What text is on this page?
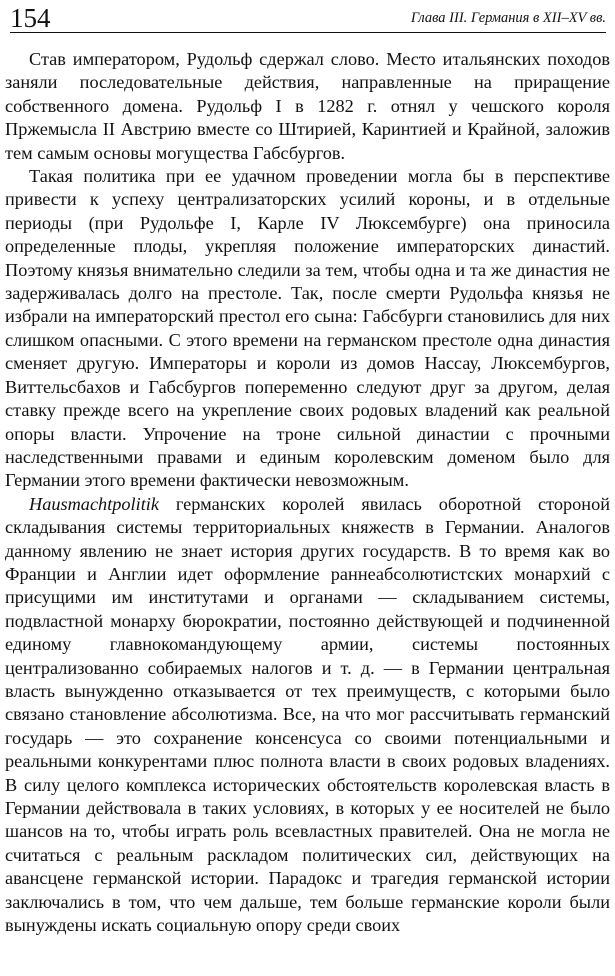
154	Глава III. Германия в XII–XV вв.

Став императором, Рудольф сдержал слово. Место итальянских походов заняли последовательные действия, направленные на приращение собственного домена. Рудольф I в 1282 г. отнял у чешского короля Пржемысла II Австрию вместе со Штирией, Каринтией и Крайной, заложив тем самым основы могущества Габсбургов.

Такая политика при ее удачном проведении могла бы в перспективе привести к успеху централизаторских усилий короны, и в отдельные периоды (при Рудольфе I, Карле IV Люксембурге) она приносила определенные плоды, укрепляя положение императорских династий. Поэтому князья внимательно следили за тем, чтобы одна и та же династия не задерживалась долго на престоле. Так, после смерти Рудольфа князья не избрали на императорский престол его сына: Габсбурги становились для них слишком опасными. С этого времени на германском престоле одна династия сменяет другую. Императоры и короли из домов Нассау, Люксембургов, Виттельсбахов и Габсбургов попеременно следуют друг за другом, делая ставку прежде всего на укрепление своих родовых владений как реальной опоры власти. Упрочение на троне сильной династии с прочными наследственными правами и единым королевским доменом было для Германии этого времени фактически невозможным.

Hausmachtpolitik германских королей явилась оборотной стороной складывания системы территориальных княжеств в Германии. Аналогов данному явлению не знает история других государств. В то время как во Франции и Англии идет оформление раннеабсолютистских монархий с присущими им институтами и органами — складыванием системы, подвластной монарху бюрократии, постоянно действующей и подчиненной единому главнокомандующему армии, системы постоянных централизованно собираемых налогов и т. д. — в Германии центральная власть вынужденно отказывается от тех преимуществ, с которыми было связано становление абсолютизма. Все, на что мог рассчитывать германский государь — это сохранение консенсуса со своими потенциальными и реальными конкурентами плюс полнота власти в своих родовых владениях. В силу целого комплекса исторических обстоятельств королевская власть в Германии действовала в таких условиях, в которых у ее носителей не было шансов на то, чтобы играть роль всевластных правителей. Она не могла не считаться с реальным раскладом политических сил, действующих на авансцене германской истории. Парадокс и трагедия германской истории заключались в том, что чем дальше, тем больше германские короли были вынуждены искать социальную опору среди своих
